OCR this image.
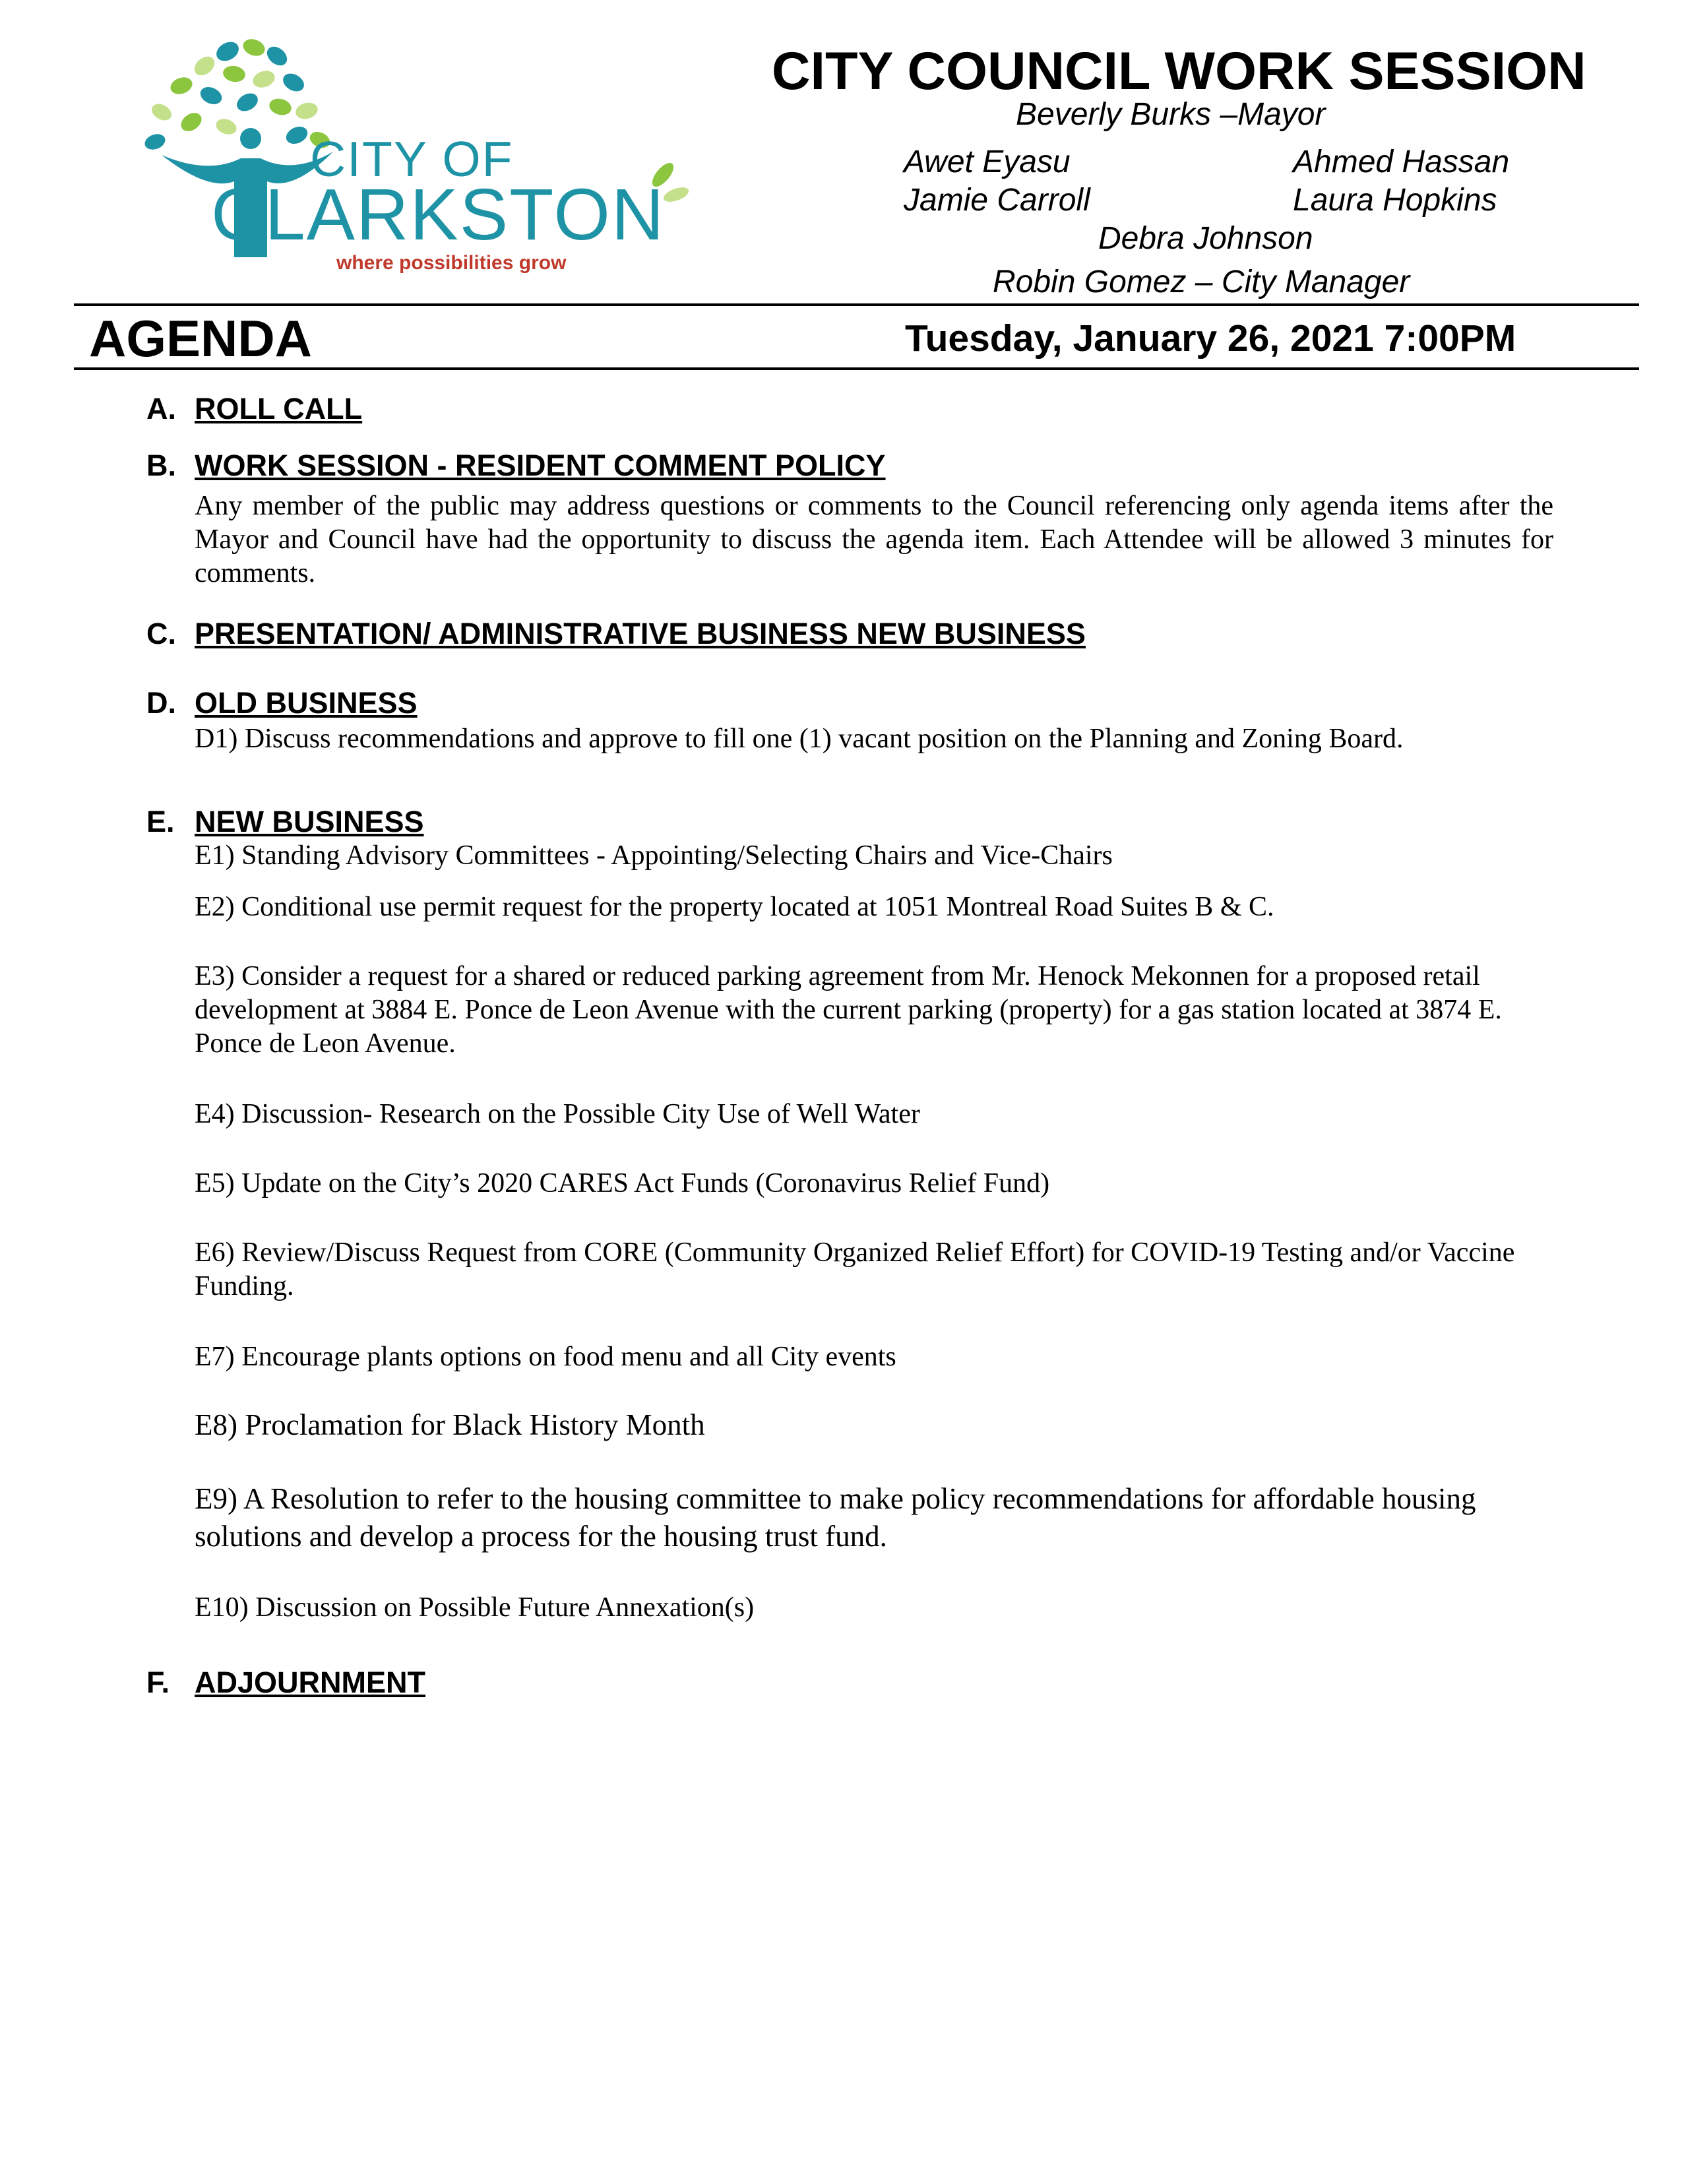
CITY OF
CLARKSTON
where possibilities grow
CITY COUNCIL WORK SESSION
Beverly Burks –Mayor
Awet Eyasu	Ahmed Hassan
Jamie Carroll	Laura Hopkins
Debra Johnson
Robin Gomez – City Manager
AGENDA	Tuesday, January 26, 2021 7:00PM
A. ROLL CALL
B. WORK SESSION - RESIDENT COMMENT POLICY
Any member of the public may address questions or comments to the Council referencing only agenda items after the Mayor and Council have had the opportunity to discuss the agenda item. Each Attendee will be allowed 3 minutes for comments.
C. PRESENTATION/ ADMINISTRATIVE BUSINESS NEW BUSINESS
D. OLD BUSINESS
D1) Discuss recommendations and approve to fill one (1) vacant position on the Planning and Zoning Board.
E. NEW BUSINESS
E1) Standing Advisory Committees - Appointing/Selecting Chairs and Vice-Chairs
E2) Conditional use permit request for the property located at 1051 Montreal Road Suites B & C.
E3) Consider a request for a shared or reduced parking agreement from Mr. Henock Mekonnen for a proposed retail development at 3884 E. Ponce de Leon Avenue with the current parking (property) for a gas station located at 3874 E. Ponce de Leon Avenue.
E4) Discussion- Research on the Possible City Use of Well Water
E5) Update on the City’s 2020 CARES Act Funds (Coronavirus Relief Fund)
E6) Review/Discuss Request from CORE (Community Organized Relief Effort) for COVID-19 Testing and/or Vaccine Funding.
E7) Encourage plants options on food menu and all City events
E8) Proclamation for Black History Month
E9) A Resolution to refer to the housing committee to make policy recommendations for affordable housing solutions and develop a process for the housing trust fund.
E10) Discussion on Possible Future Annexation(s)
F. ADJOURNMENT
